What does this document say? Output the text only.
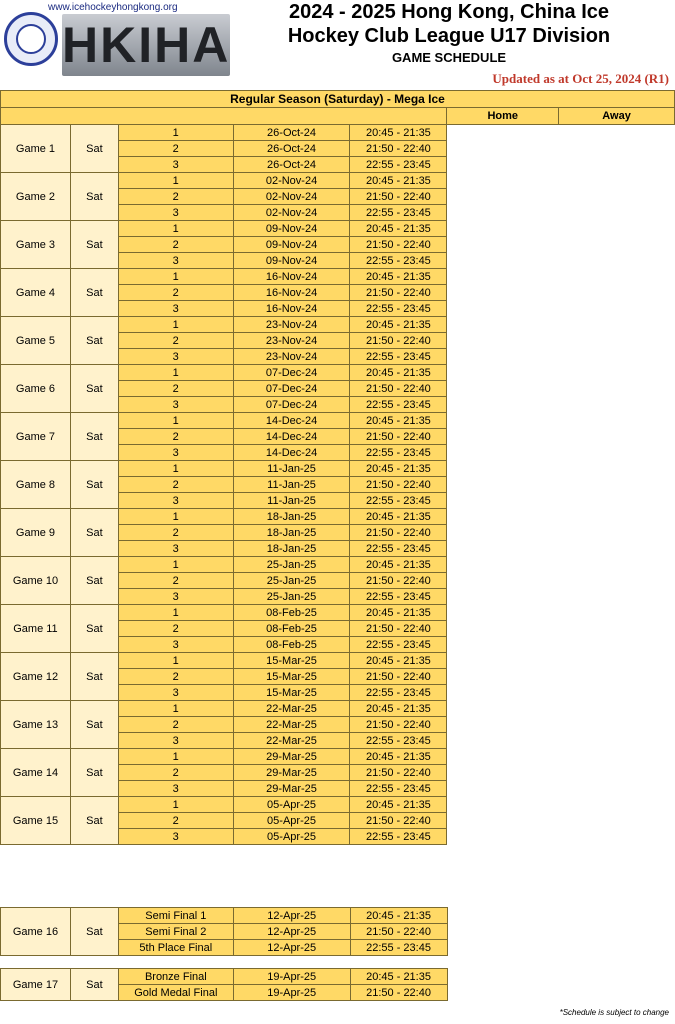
www.icehockeyhongkong.org
HKIHA
2024 - 2025 Hong Kong, China Ice
Hockey Club League U17 Division
GAME SCHEDULE
Updated as at Oct 25, 2024 (R1)
Regular Season (Saturday) - Mega Ice						
					Home	Away
Game 1	Sat	1	26-Oct-24	20:45 - 21:35		
		2	26-Oct-24	21:50 - 22:40		
		3	26-Oct-24	22:55 - 23:45		
Game 2	Sat	1	02-Nov-24	20:45 - 21:35		
		2	02-Nov-24	21:50 - 22:40		
		3	02-Nov-24	22:55 - 23:45		
Game 3	Sat	1	09-Nov-24	20:45 - 21:35		
		2	09-Nov-24	21:50 - 22:40		
		3	09-Nov-24	22:55 - 23:45		
Game 4	Sat	1	16-Nov-24	20:45 - 21:35		
		2	16-Nov-24	21:50 - 22:40		
		3	16-Nov-24	22:55 - 23:45		
Game 5	Sat	1	23-Nov-24	20:45 - 21:35		
		2	23-Nov-24	21:50 - 22:40		
		3	23-Nov-24	22:55 - 23:45		
Game 6	Sat	1	07-Dec-24	20:45 - 21:35		
		2	07-Dec-24	21:50 - 22:40		
		3	07-Dec-24	22:55 - 23:45		
Game 7	Sat	1	14-Dec-24	20:45 - 21:35		
		2	14-Dec-24	21:50 - 22:40		
		3	14-Dec-24	22:55 - 23:45		
Game 8	Sat	1	11-Jan-25	20:45 - 21:35		
		2	11-Jan-25	21:50 - 22:40		
		3	11-Jan-25	22:55 - 23:45		
Game 9	Sat	1	18-Jan-25	20:45 - 21:35		
		2	18-Jan-25	21:50 - 22:40		
		3	18-Jan-25	22:55 - 23:45		
Game 10	Sat	1	25-Jan-25	20:45 - 21:35		
		2	25-Jan-25	21:50 - 22:40		
		3	25-Jan-25	22:55 - 23:45		
Game 11	Sat	1	08-Feb-25	20:45 - 21:35		
		2	08-Feb-25	21:50 - 22:40		
		3	08-Feb-25	22:55 - 23:45		
Game 12	Sat	1	15-Mar-25	20:45 - 21:35		
		2	15-Mar-25	21:50 - 22:40		
		3	15-Mar-25	22:55 - 23:45		
Game 13	Sat	1	22-Mar-25	20:45 - 21:35		
		2	22-Mar-25	21:50 - 22:40		
		3	22-Mar-25	22:55 - 23:45		
Game 14	Sat	1	29-Mar-25	20:45 - 21:35		
		2	29-Mar-25	21:50 - 22:40		
		3	29-Mar-25	22:55 - 23:45		
Game 15	Sat	1	05-Apr-25	20:45 - 21:35		
		2	05-Apr-25	21:50 - 22:40		
		3	05-Apr-25	22:55 - 23:45		
Game 16	Sat	Semi Final 1	12-Apr-25	20:45 - 21:35
		Semi Final 2	12-Apr-25	21:50 - 22:40
		5th Place Final	12-Apr-25	22:55 - 23:45
Game 17	Sat	Bronze Final	19-Apr-25	20:45 - 21:35
		Gold Medal Final	19-Apr-25	21:50 - 22:40
*Schedule is subject to change
